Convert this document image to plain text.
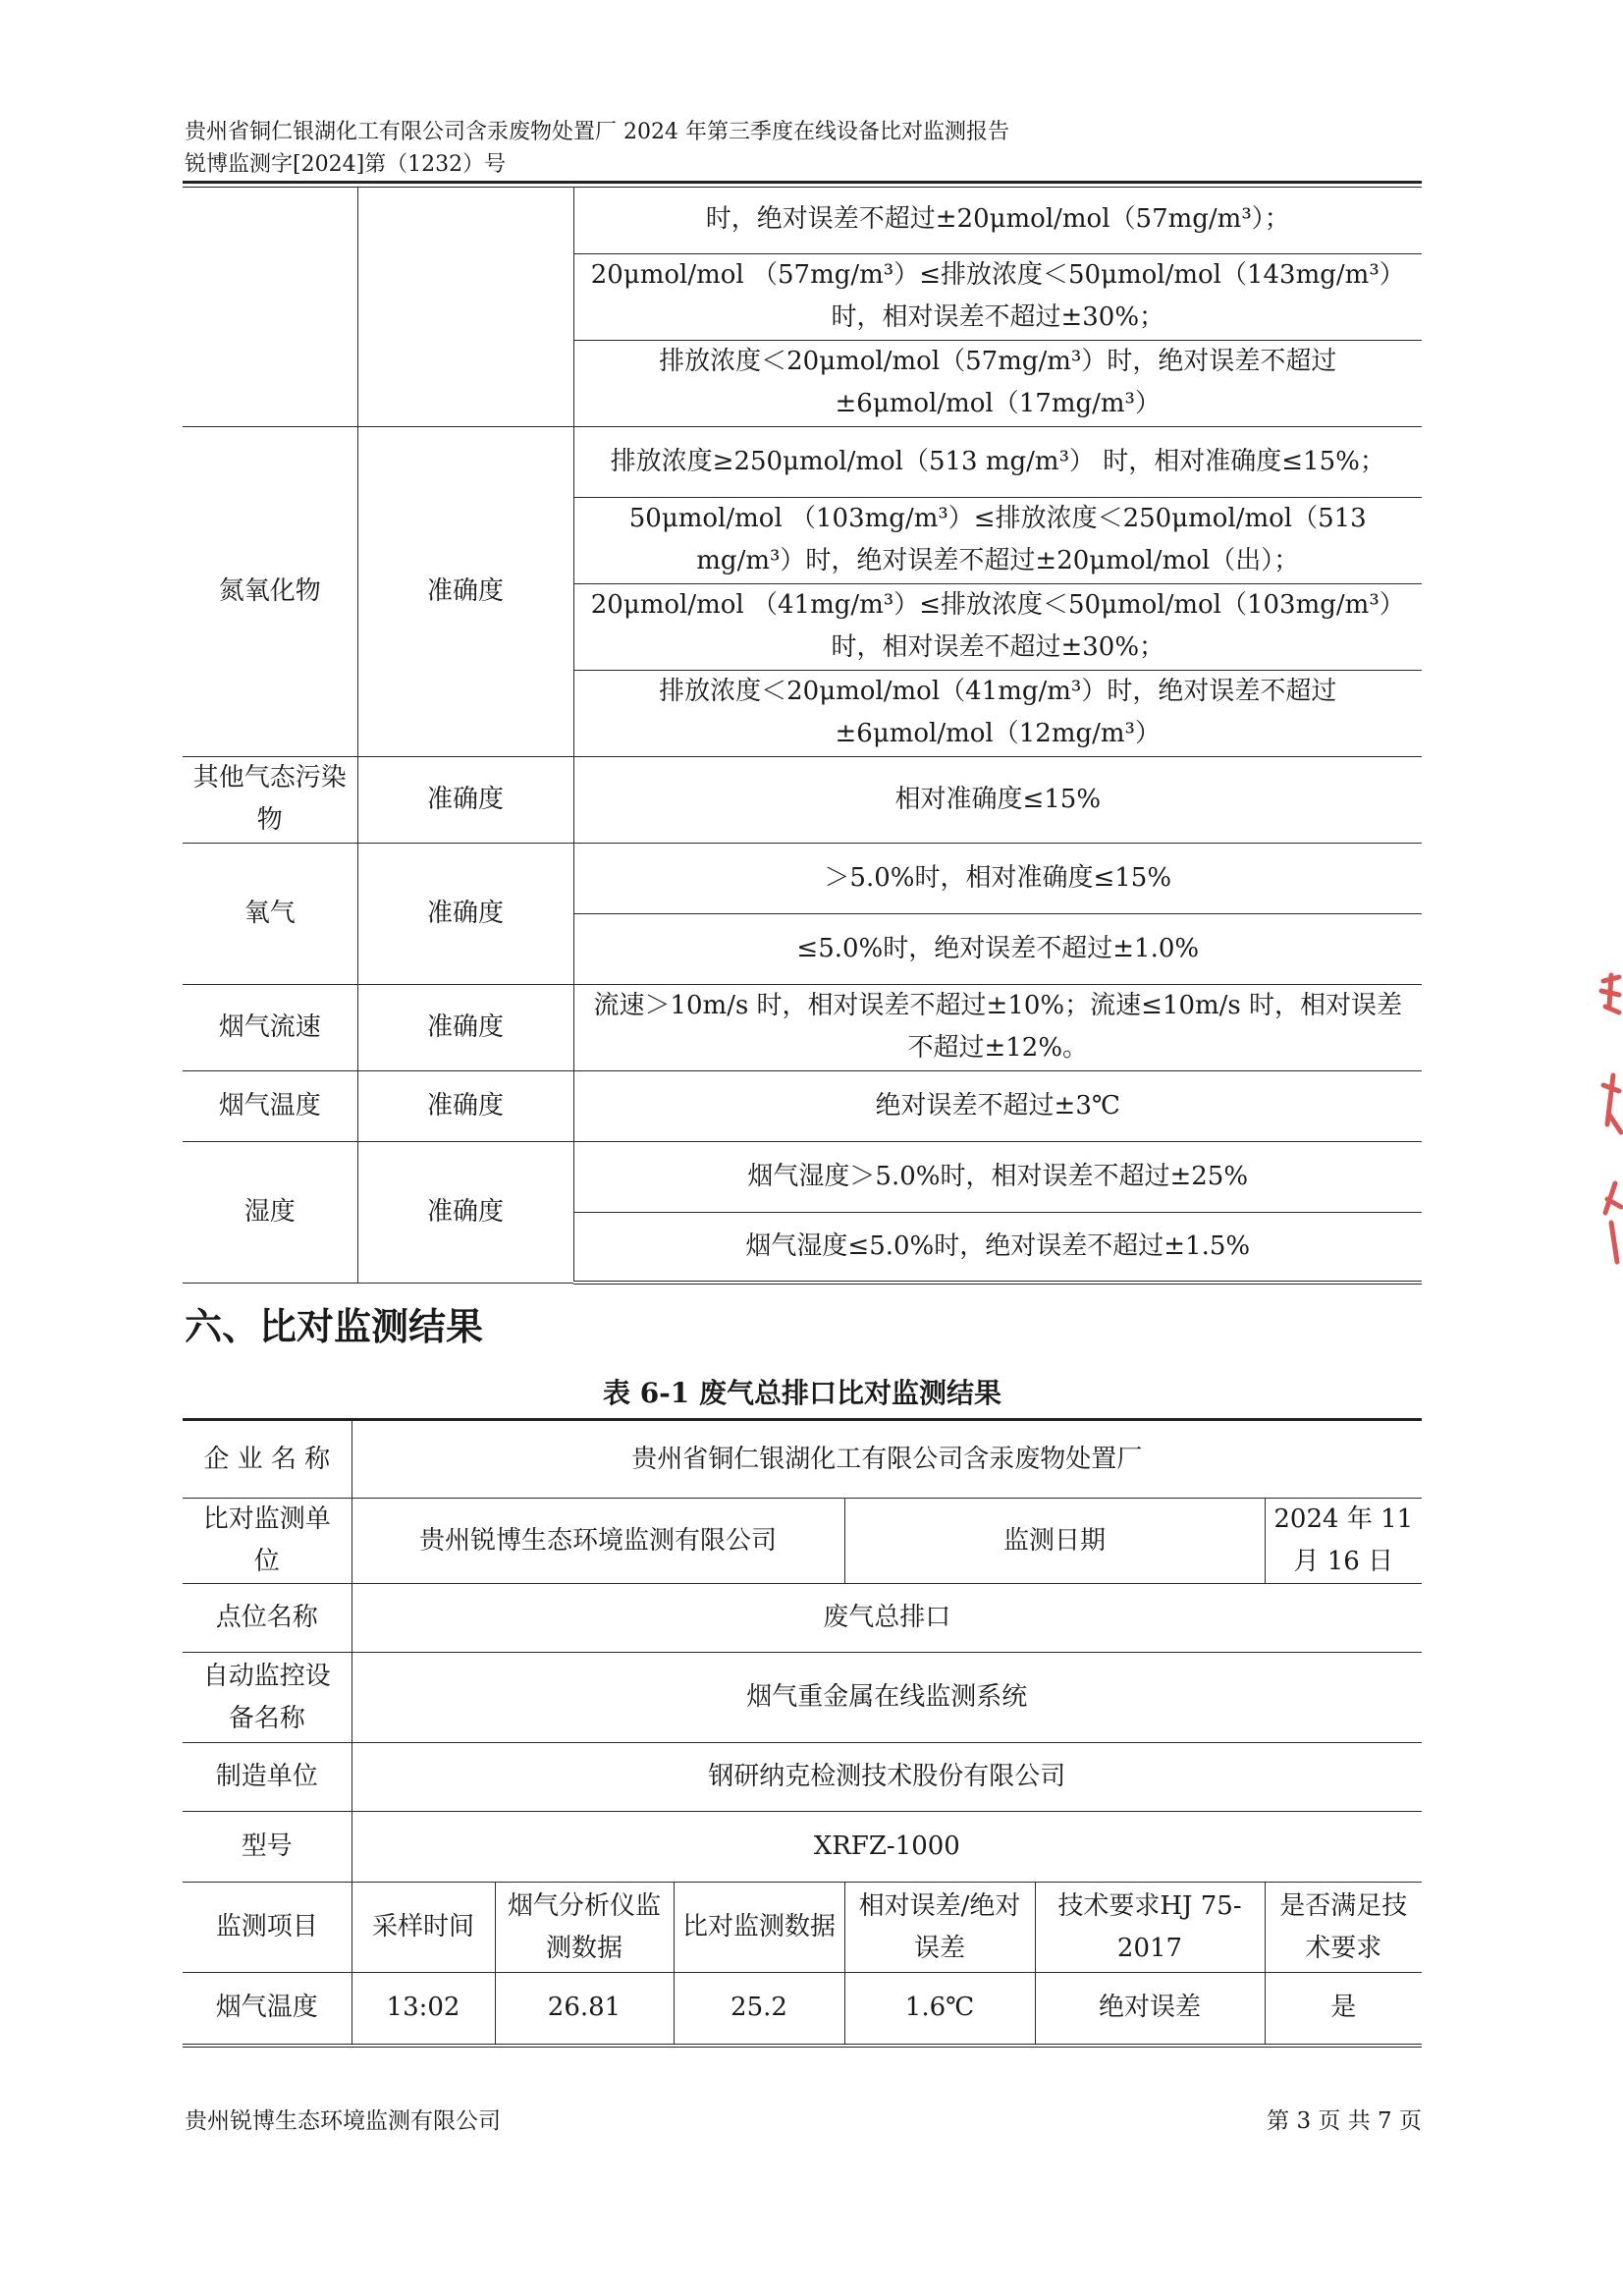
贵州省铜仁银湖化工有限公司含汞废物处置厂 2024 年第三季度在线设备比对监测报告
锐博监测字[2024]第（1232）号
		时，绝对误差不超过±20μmol/mol（57mg/m³）；
		20μmol/mol （57mg/m³）≤排放浓度＜50μmol/mol（143mg/m³）时，相对误差不超过±30%；
		排放浓度＜20μmol/mol（57mg/m³）时，绝对误差不超过±6μmol/mol（17mg/m³）
氮氧化物	准确度	排放浓度≥250μmol/mol（513 mg/m³） 时，相对准确度≤15%；
		50μmol/mol （103mg/m³）≤排放浓度＜250μmol/mol（513 mg/m³）时，绝对误差不超过±20μmol/mol（出）；
		20μmol/mol （41mg/m³）≤排放浓度＜50μmol/mol（103mg/m³）时，相对误差不超过±30%；
		排放浓度＜20μmol/mol（41mg/m³）时，绝对误差不超过±6μmol/mol（12mg/m³）
其他气态污染物	准确度	相对准确度≤15%
氧气	准确度	＞5.0%时，相对准确度≤15%
		≤5.0%时，绝对误差不超过±1.0%
烟气流速	准确度	流速＞10m/s 时，相对误差不超过±10%；流速≤10m/s 时，相对误差不超过±12%。
烟气温度	准确度	绝对误差不超过±3℃
湿度	准确度	烟气湿度＞5.0%时，相对误差不超过±25%
		烟气湿度≤5.0%时，绝对误差不超过±1.5%
六、比对监测结果
表 6-1 废气总排口比对监测结果
企 业 名 称	贵州省铜仁银湖化工有限公司含汞废物处置厂					
比对监测单位	贵州锐博生态环境监测有限公司			监测日期		2024 年 11 月 16 日
点位名称	废气总排口					
自动监控设备名称	烟气重金属在线监测系统					
制造单位	钢研纳克检测技术股份有限公司					
型号	XRFZ-1000					
监测项目	采样时间	烟气分析仪监测数据	比对监测数据	相对误差/绝对误差	技术要求HJ 75-2017	是否满足技术要求
烟气温度	13:02	26.81	25.2	1.6℃	绝对误差	是
贵州锐博生态环境监测有限公司	第 3 页 共 7 页
